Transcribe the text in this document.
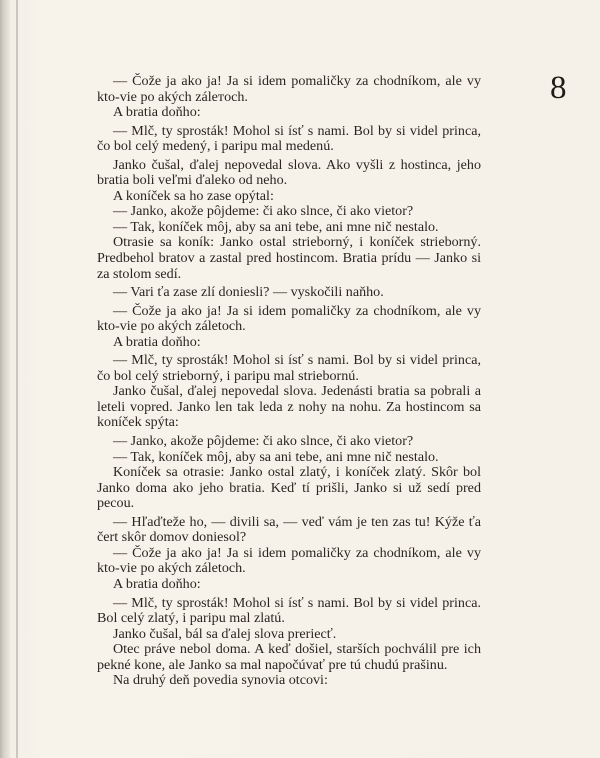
8

— Čože ja ako ja! Ja si idem pomaličky za chodníkom, ale vy kto-vie po akých zálетoch.

A bratia doňho:

— Mlč, ty sprosták! Mohol si ísť s nami. Bol by si videl princa, čo bol celý medený, i paripu mal medenú.

Janko čušal, ďalej nepovedal slova. Ako vyšli z hostinca, jeho bratia boli veľmi ďaleko od neho.

A koníček sa ho zase opýtal:

— Janko, akože pôjdeme: či ako slnce, či ako vietor?

— Tak, koníček môj, aby sa ani tebe, ani mne nič nestalo.

Otrasie sa koník: Janko ostal strieborný, i koníček strieborný. Predbehol bratov a zastal pred hostincom. Bratia prídu — Janko si za stolom sedí.

— Vari ťa zase zlí doniesli? — vyskočili naňho.

— Čože ja ako ja! Ja si idem pomaličky za chodníkom, ale vy kto-vie po akých záletoch.

A bratia doňho:

— Mlč, ty sprosták! Mohol si ísť s nami. Bol by si videl princa, čo bol celý strieborný, i paripu mal striebornú.

Janko čušal, ďalej nepovedal slova. Jedenásti bratia sa pobrali a leteli vopred. Janko len tak leda z nohy na nohu. Za hostincom sa koníček spýta:

— Janko, akože pôjdeme: či ako slnce, či ako vietor?

— Tak, koníček môj, aby sa ani tebe, ani mne nič nestalo.

Koníček sa otrasie: Janko ostal zlatý, i koníček zlatý. Skôr bol Janko doma ako jeho bratia. Keď tí prišli, Janko si už sedí pred pecou.

— Hľaďteže ho, — divili sa, — veď vám je ten zas tu! Kýže ťa čert skôr domov doniesol?

— Čože ja ako ja! Ja si idem pomaličky za chodníkom, ale vy kto-vie po akých záletoch.

A bratia doňho:

— Mlč, ty sprosták! Mohol si ísť s nami. Bol by si videl princa. Bol celý zlatý, i paripu mal zlatú.

Janko čušal, bál sa ďalej slova prerieсť.

Otec práve nebol doma. A keď došiel, starších pochválil pre ich pekné kone, ale Janko sa mal napočúvať pre tú chudú prašinu.

Na druhý deň povedia synovia otcovi:
